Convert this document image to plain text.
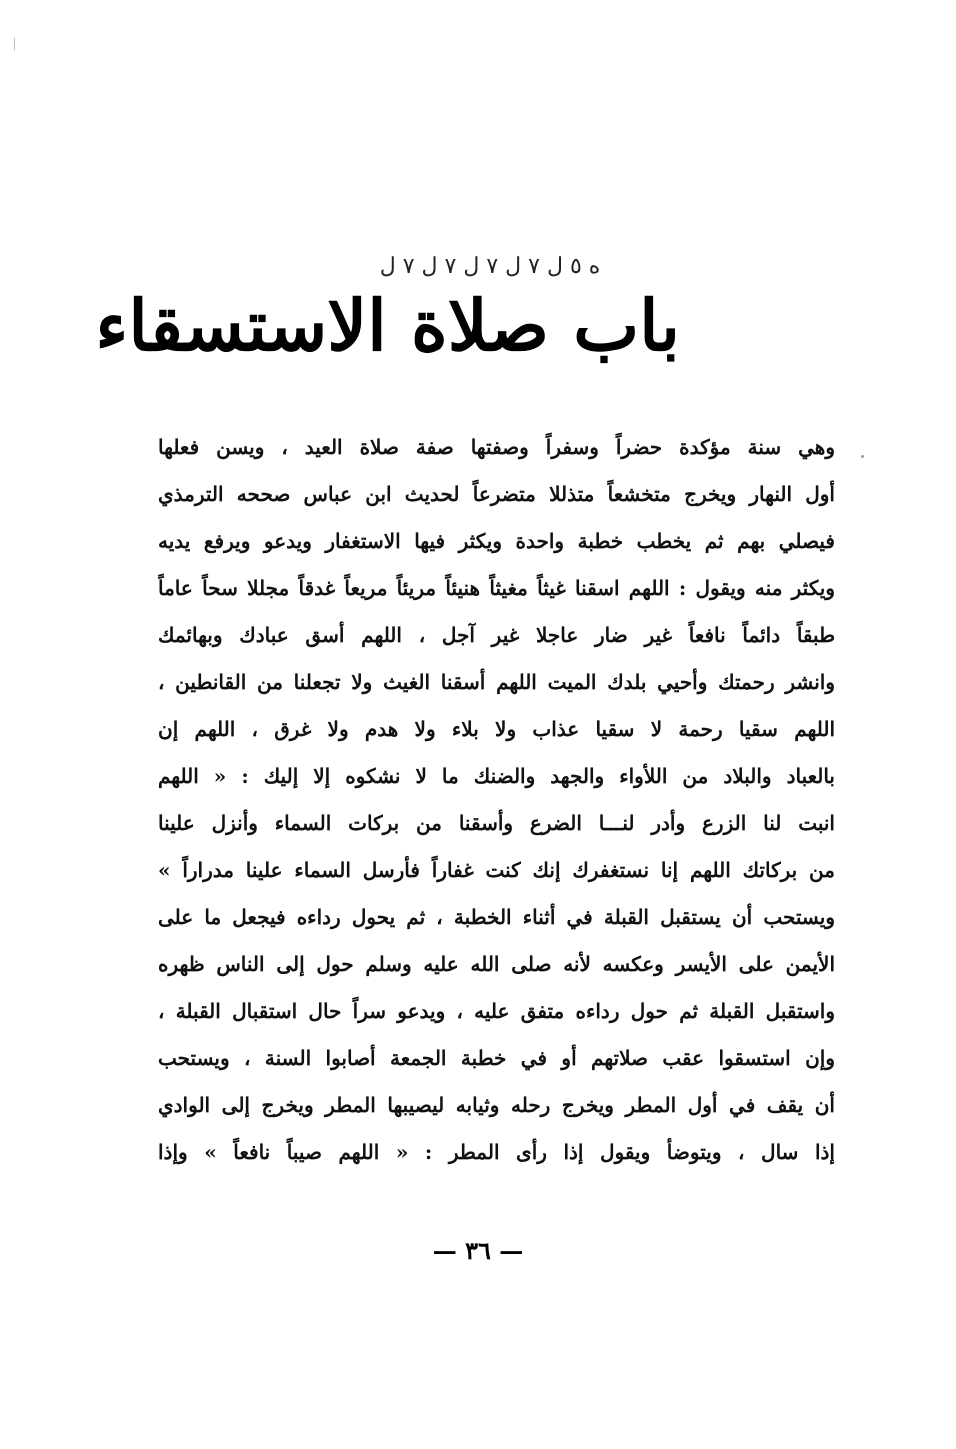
ه ٥ ل ٧ ل ٧ ل ٧ ل ٧ ل
باب صلاة الاستسقاء
وهي سنة مؤكدة حضراً وسفراً وصفتها صفة صلاة العيد ، ويسن فعلها
أول النهار ويخرج متخشعاً متذللا متضرعاً لحديث ابن عباس صححه الترمذي
فيصلي بهم ثم يخطب خطبة واحدة ويكثر فيها الاستغفار ويدعو ويرفع يديه
ويكثر منه ويقول : اللهم اسقنا غيثاً مغيثاً هنيئاً مريئاً مريعاً غدقاً مجللا سحاً عاماً
طبقاً دائماً نافعاً غير ضار عاجلا غير آجل ، اللهم أسق عبادك وبهائمك
وانشر رحمتك وأحيي بلدك الميت اللهم أسقنا الغيث ولا تجعلنا من القانطين ،
اللهم سقيا رحمة لا سقيا عذاب ولا بلاء ولا هدم ولا غرق ، اللهم إن
بالعباد والبلاد من اللأواء والجهد والضنك ما لا نشكوه إلا إليك : « اللهم
انبت لنا الزرع وأدر لنـــا الضرع وأسقنا من بركات السماء وأنزل علينا
من بركاتك اللهم إنا نستغفرك إنك كنت غفاراً فأرسل السماء علينا مدراراً »
ويستحب أن يستقبل القبلة في أثناء الخطبة ، ثم يحول رداءه فيجعل ما على
الأيمن على الأيسر وعكسه لأنه صلى الله عليه وسلم حول إلى الناس ظهره
واستقبل القبلة ثم حول رداءه متفق عليه ، ويدعو سراً حال استقبال القبلة ،
وإن استسقوا عقب صلاتهم أو في خطبة الجمعة أصابوا السنة ، ويستحب
أن يقف في أول المطر ويخرج رحله وثيابه ليصيبها المطر ويخرج إلى الوادي
إذا سال ، ويتوضأ ويقول إذا رأى المطر : « اللهم صيباً نافعاً » وإذا
— ٣٦ —
